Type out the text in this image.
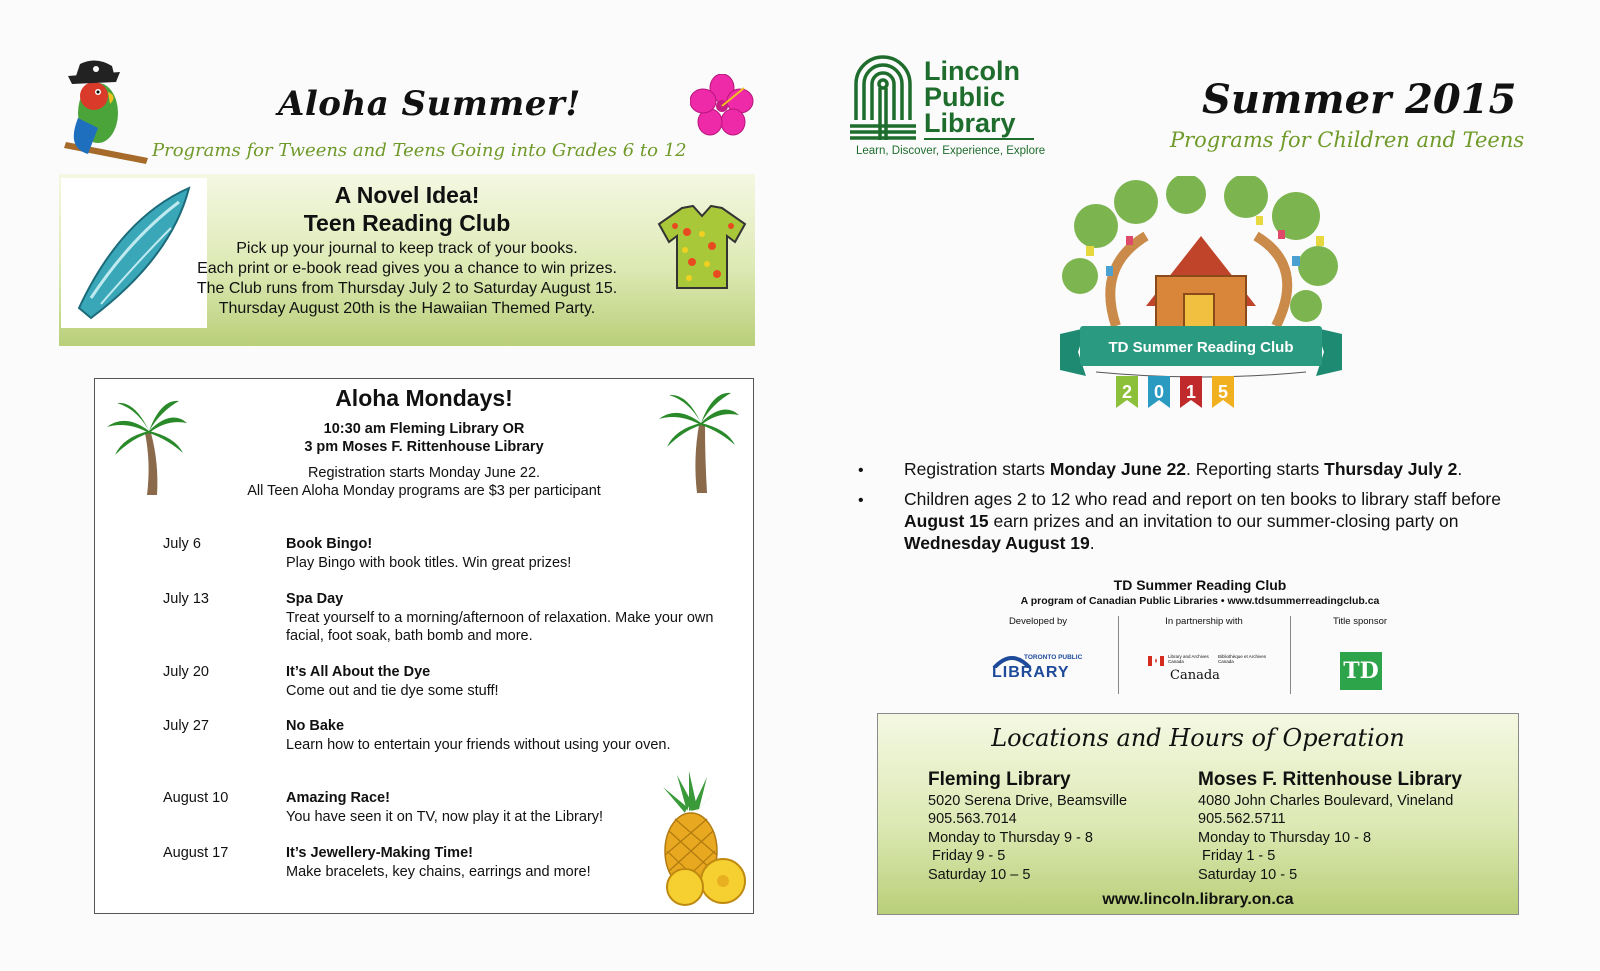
Aloha Summer!
Programs for Tweens and Teens Going into Grades 6 to 12
A Novel Idea!
Teen Reading Club
Pick up your journal to keep track of your books.
Each print or e-book read gives you a chance to win prizes.
The Club runs from Thursday July 2 to Saturday August 15.
Thursday August 20th is the Hawaiian Themed Party.
Aloha Mondays!
10:30 am Fleming Library OR
3 pm Moses F. Rittenhouse Library
Registration starts Monday June 22.
All Teen Aloha Monday programs are $3 per participant
July 6	Book Bingo!
Play Bingo with book titles. Win great prizes!
July 13	Spa Day
Treat yourself to a morning/afternoon of relaxation. Make your own facial, foot soak, bath bomb and more.
July 20	It’s All About the Dye
Come out and tie dye some stuff!
July 27	No Bake
Learn how to entertain your friends without using your oven.
August 10	Amazing Race!
You have seen it on TV, now play it at the Library!
August 17	It’s Jewellery-Making Time!
Make bracelets, key chains, earrings and more!
Lincoln
Public
Library
Learn, Discover, Experience, Explore
Summer 2015
Programs for Children and Teens
TD Summer Reading Club
2 0 1 5
• Registration starts Monday June 22. Reporting starts Thursday July 2.
• Children ages 2 to 12 who read and report on ten books to library staff before August 15 earn prizes and an invitation to our summer-closing party on Wednesday August 19.
TD Summer Reading Club
A program of Canadian Public Libraries • www.tdsummerreadingclub.ca
Developed by	In partnership with	Title sponsor
TORONTO PUBLIC
LIBRARY
Library and Archives Canada
Bibliothèque et Archives Canada
Canada	TD
Locations and Hours of Operation
Fleming Library
5020 Serena Drive, Beamsville
905.563.7014
Monday to Thursday 9 - 8
Friday 9 - 5
Saturday 10 – 5
Moses F. Rittenhouse Library
4080 John Charles Boulevard, Vineland
905.562.5711
Monday to Thursday 10 - 8
Friday 1 - 5
Saturday 10 - 5
www.lincoln.library.on.ca
